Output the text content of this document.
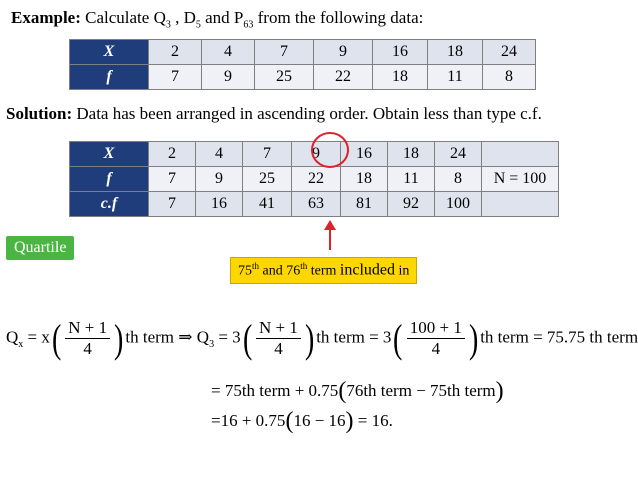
Example: Calculate $Q_3$ , $D_5$ and $P_{63}$ from the following data:
X	2	4	7	9	16	18	24
f	7	9	25	22	18	11	8
Solution: Data has been arranged in ascending order. Obtain less than type c.f.
X	2	4	7	9	16	18	24	
f	7	9	25	22	18	11	8	N = 100
c.f	7	16	41	63	81	92	100	
Quartile
75th and 76th term included in
$Q_x = x( \frac{N + 1}{4}$ ) th term ⇒ $Q_3 = 3( \frac{N + 1}{4}$ ) th term = $3( \frac{100 + 1}{4}$ ) th term = 75.75 th term
= 75th term + 0.75(76th term − 75th term)
=16 + 0.75(16 − 16) = 16.
